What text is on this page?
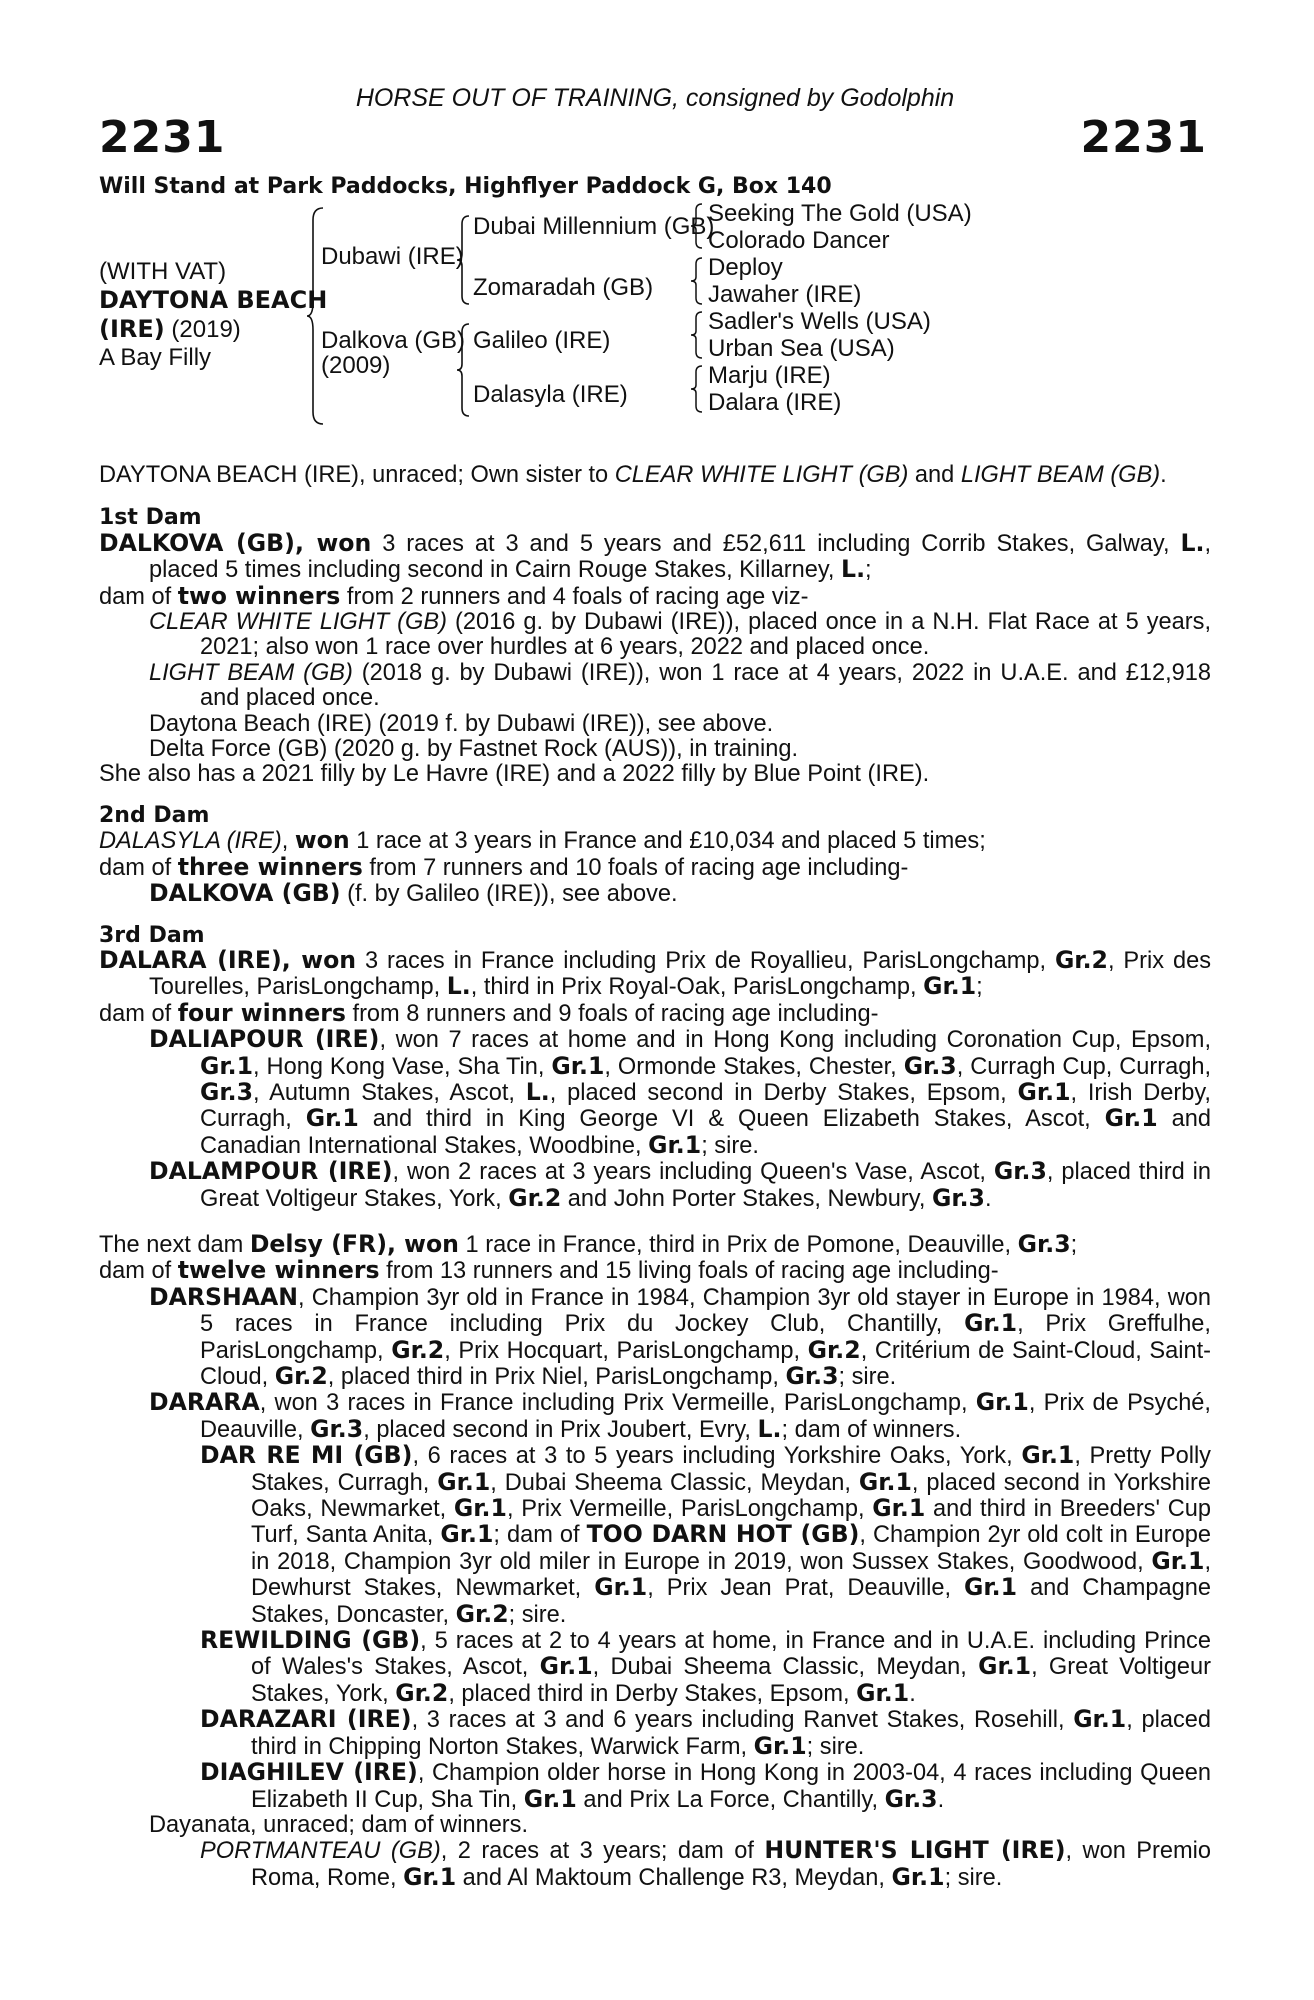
HORSE OUT OF TRAINING, consigned by Godolphin
2231	2231
Will Stand at Park Paddocks, Highflyer Paddock G, Box 140
(WITH VAT)
DAYTONA BEACH
(IRE) (2019)
A Bay Filly
Dubawi (IRE)
Dalkova (GB)
(2009)
Dubai Millennium (GB)
Zomaradah (GB)
Galileo (IRE)
Dalasyla (IRE)
Seeking The Gold (USA)
Colorado Dancer
Deploy
Jawaher (IRE)
Sadler's Wells (USA)
Urban Sea (USA)
Marju (IRE)
Dalara (IRE)

DAYTONA BEACH (IRE), unraced; Own sister to CLEAR WHITE LIGHT (GB) and LIGHT BEAM (GB).

1st Dam

DALKOVA (GB), won 3 races at 3 and 5 years and £52,611 including Corrib Stakes, Galway, L., placed 5 times including second in Cairn Rouge Stakes, Killarney, L.;

dam of two winners from 2 runners and 4 foals of racing age viz-

CLEAR WHITE LIGHT (GB) (2016 g. by Dubawi (IRE)), placed once in a N.H. Flat Race at 5 years, 2021; also won 1 race over hurdles at 6 years, 2022 and placed once.

LIGHT BEAM (GB) (2018 g. by Dubawi (IRE)), won 1 race at 4 years, 2022 in U.A.E. and £12,918 and placed once.

Daytona Beach (IRE) (2019 f. by Dubawi (IRE)), see above.

Delta Force (GB) (2020 g. by Fastnet Rock (AUS)), in training.

She also has a 2021 filly by Le Havre (IRE) and a 2022 filly by Blue Point (IRE).

2nd Dam

DALASYLA (IRE), won 1 race at 3 years in France and £10,034 and placed 5 times;

dam of three winners from 7 runners and 10 foals of racing age including-

DALKOVA (GB) (f. by Galileo (IRE)), see above.

3rd Dam

DALARA (IRE), won 3 races in France including Prix de Royallieu, ParisLongchamp, Gr.2, Prix des Tourelles, ParisLongchamp, L., third in Prix Royal-Oak, ParisLongchamp, Gr.1;

dam of four winners from 8 runners and 9 foals of racing age including-

DALIAPOUR (IRE), won 7 races at home and in Hong Kong including Coronation Cup, Epsom, Gr.1, Hong Kong Vase, Sha Tin, Gr.1, Ormonde Stakes, Chester, Gr.3, Curragh Cup, Curragh, Gr.3, Autumn Stakes, Ascot, L., placed second in Derby Stakes, Epsom, Gr.1, Irish Derby, Curragh, Gr.1 and third in King George VI & Queen Elizabeth Stakes, Ascot, Gr.1 and Canadian International Stakes, Woodbine, Gr.1; sire.

DALAMPOUR (IRE), won 2 races at 3 years including Queen's Vase, Ascot, Gr.3, placed third in Great Voltigeur Stakes, York, Gr.2 and John Porter Stakes, Newbury, Gr.3.

The next dam Delsy (FR), won 1 race in France, third in Prix de Pomone, Deauville, Gr.3;

dam of twelve winners from 13 runners and 15 living foals of racing age including-

DARSHAAN, Champion 3yr old in France in 1984, Champion 3yr old stayer in Europe in 1984, won 5 races in France including Prix du Jockey Club, Chantilly, Gr.1, Prix Greffulhe, ParisLongchamp, Gr.2, Prix Hocquart, ParisLongchamp, Gr.2, Critérium de Saint-Cloud, Saint-Cloud, Gr.2, placed third in Prix Niel, ParisLongchamp, Gr.3; sire.

DARARA, won 3 races in France including Prix Vermeille, ParisLongchamp, Gr.1, Prix de Psyché, Deauville, Gr.3, placed second in Prix Joubert, Evry, L.; dam of winners.

DAR RE MI (GB), 6 races at 3 to 5 years including Yorkshire Oaks, York, Gr.1, Pretty Polly Stakes, Curragh, Gr.1, Dubai Sheema Classic, Meydan, Gr.1, placed second in Yorkshire Oaks, Newmarket, Gr.1, Prix Vermeille, ParisLongchamp, Gr.1 and third in Breeders' Cup Turf, Santa Anita, Gr.1; dam of TOO DARN HOT (GB), Champion 2yr old colt in Europe in 2018, Champion 3yr old miler in Europe in 2019, won Sussex Stakes, Goodwood, Gr.1, Dewhurst Stakes, Newmarket, Gr.1, Prix Jean Prat, Deauville, Gr.1 and Champagne Stakes, Doncaster, Gr.2; sire.

REWILDING (GB), 5 races at 2 to 4 years at home, in France and in U.A.E. including Prince of Wales's Stakes, Ascot, Gr.1, Dubai Sheema Classic, Meydan, Gr.1, Great Voltigeur Stakes, York, Gr.2, placed third in Derby Stakes, Epsom, Gr.1.

DARAZARI (IRE), 3 races at 3 and 6 years including Ranvet Stakes, Rosehill, Gr.1, placed third in Chipping Norton Stakes, Warwick Farm, Gr.1; sire.

DIAGHILEV (IRE), Champion older horse in Hong Kong in 2003-04, 4 races including Queen Elizabeth II Cup, Sha Tin, Gr.1 and Prix La Force, Chantilly, Gr.3.

Dayanata, unraced; dam of winners.

PORTMANTEAU (GB), 2 races at 3 years; dam of HUNTER'S LIGHT (IRE), won Premio Roma, Rome, Gr.1 and Al Maktoum Challenge R3, Meydan, Gr.1; sire.
